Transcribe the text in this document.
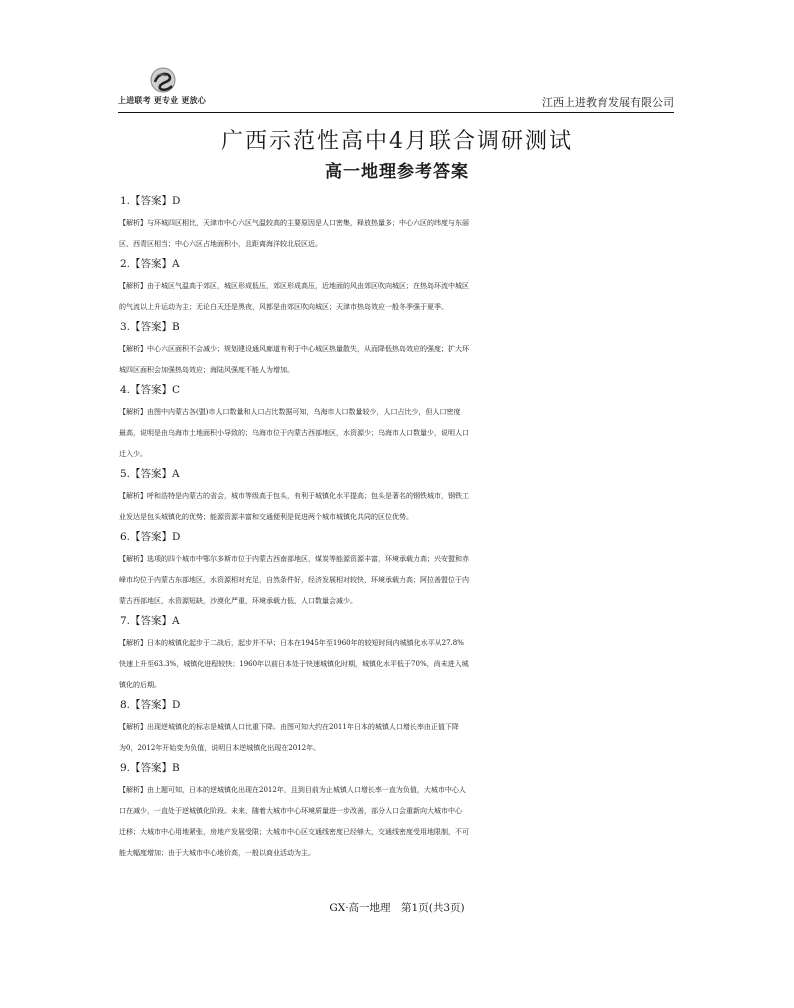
上进联考 更专业 更放心	江西上进教育发展有限公司
广西示范性高中4月联合调研测试
高一地理参考答案
1.【答案】D
【解析】与环城四区相比，天津市中心六区气温较高的主要原因是人口密集，释放热量多；中心六区的纬度与东丽
区、西青区相当；中心六区占地面积小，且距离海洋较北辰区近。
2.【答案】A
【解析】由于城区气温高于郊区，城区形成低压，郊区形成高压，近地面的风由郊区吹向城区；在热岛环流中城区
的气流以上升运动为主；无论白天还是黑夜，风都是由郊区吹向城区；天津市热岛效应一般冬季强于夏季。
3.【答案】B
【解析】中心六区面积不会减少；规划建设通风廊道有利于中心城区热量散失，从而降低热岛效应的强度；扩大环
城四区面积会加强热岛效应；海陆风强度不能人为增加。
4.【答案】C
【解析】由图中内蒙古各(盟)市人口数量和人口占比数据可知，乌海市人口数量较少，人口占比少，但人口密度
最高，说明是由乌海市土地面积小导致的；乌海市位于内蒙古西部地区，水资源少；乌海市人口数量少，说明人口
迁入少。
5.【答案】A
【解析】呼和浩特是内蒙古的省会，城市等级高于包头，有利于城镇化水平提高；包头是著名的钢铁城市，钢铁工
业发达是包头城镇化的优势；能源资源丰富和交通便利是促进两个城市城镇化共同的区位优势。
6.【答案】D
【解析】选项的四个城市中鄂尔多斯市位于内蒙古西南部地区，煤炭等能源资源丰富，环境承载力高；兴安盟和赤
峰市均位于内蒙古东部地区，水资源相对充足，自然条件好，经济发展相对较快，环境承载力高；阿拉善盟位于内
蒙古西部地区，水资源短缺，沙漠化严重，环境承载力低，人口数量会减少。
7.【答案】A
【解析】日本的城镇化起步于二战后，起步并不早；日本在1945年至1960年的较短时间内城镇化水平从27.8%
快速上升至63.3%，城镇化进程较快；1960年以前日本处于快速城镇化时期，城镇化水平低于70%，尚未进入城
镇化的后期。
8.【答案】D
【解析】出现逆城镇化的标志是城镇人口比重下降。由图可知大约在2011年日本的城镇人口增长率由正值下降
为0，2012年开始变为负值，说明日本逆城镇化出现在2012年。
9.【答案】B
【解析】由上题可知，日本的逆城镇化出现在2012年，且到目前为止城镇人口增长率一直为负值，大城市中心人
口在减少，一直处于逆城镇化阶段。未来，随着大城市中心环境质量进一步改善，部分人口会重新向大城市中心
迁移；大城市中心用地紧张，房地产发展受限；大城市中心区交通线密度已经够大，交通线密度受用地限制，不可
能大幅度增加；由于大城市中心地价高，一般以商业活动为主。
GX·高一地理　第1页(共3页)
